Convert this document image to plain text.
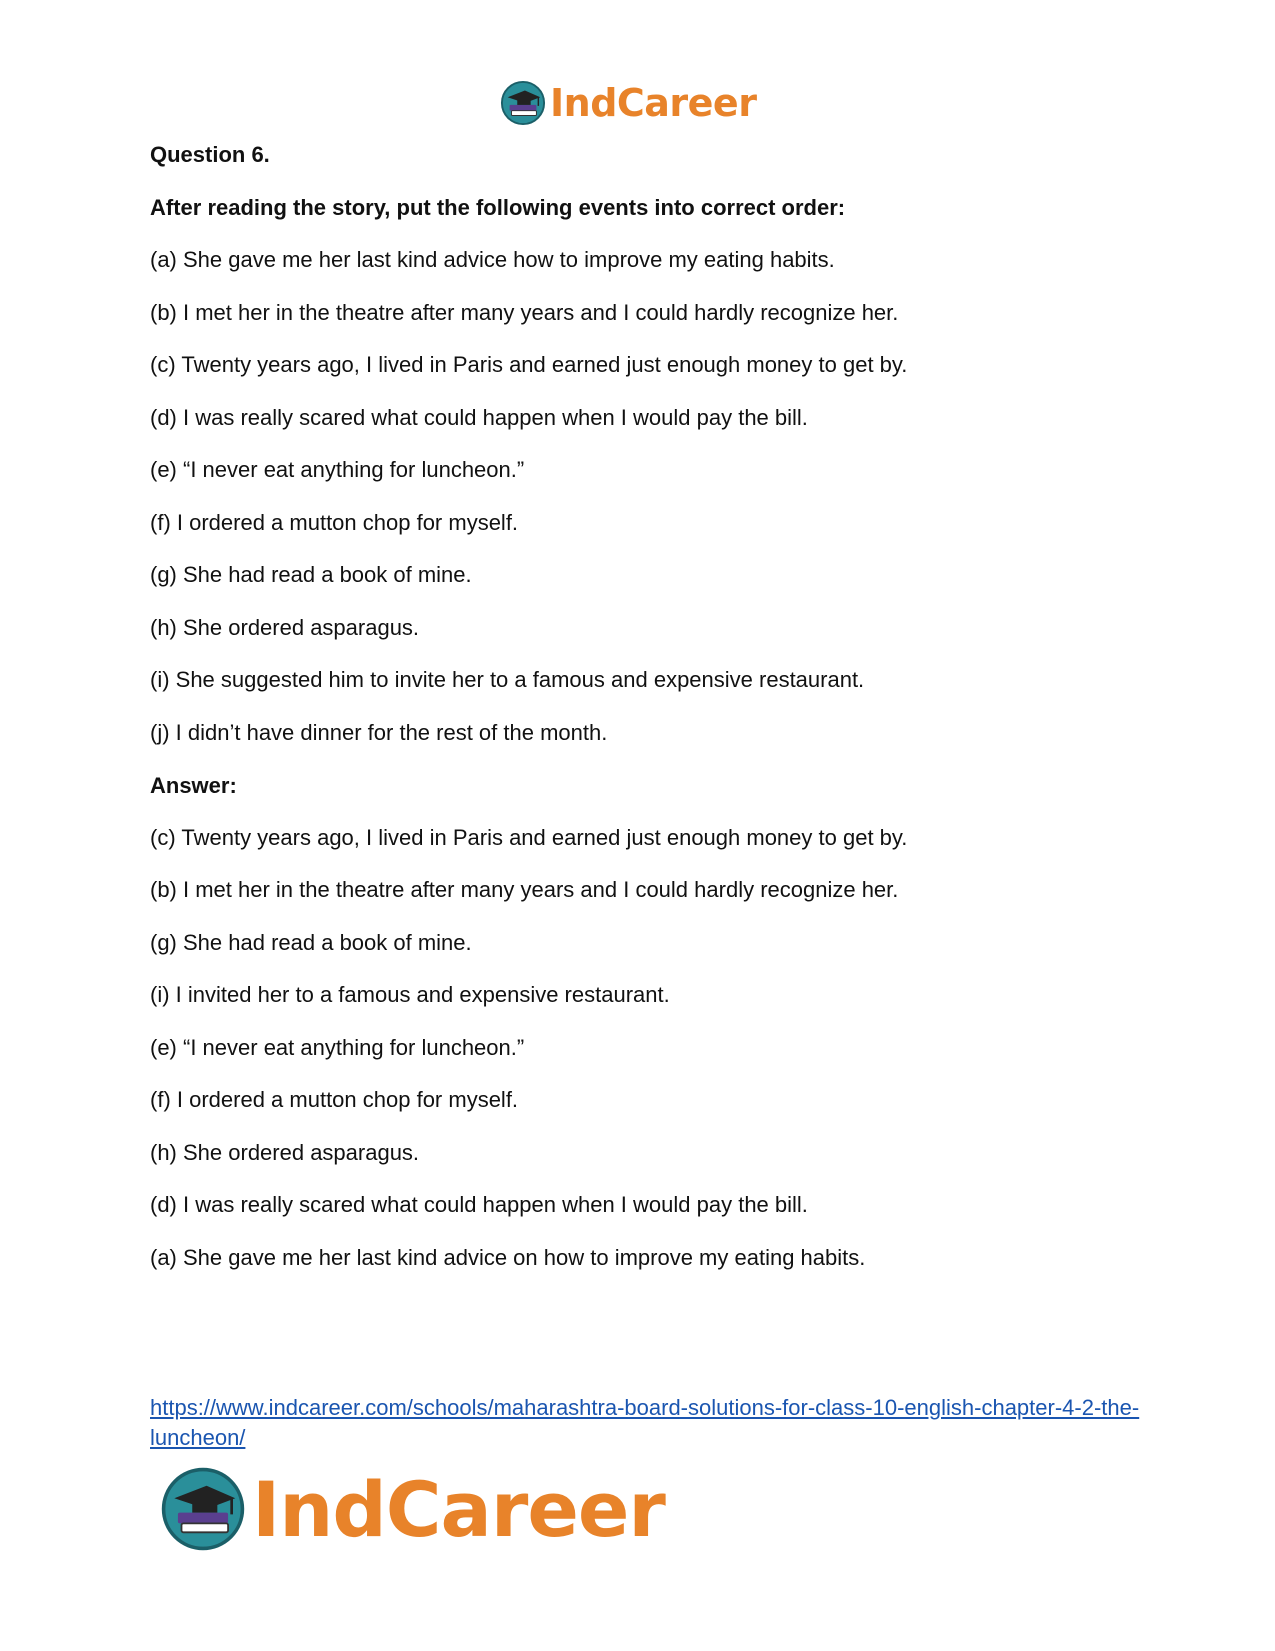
IndCareer
Question 6.
After reading the story, put the following events into correct order:
(a) She gave me her last kind advice how to improve my eating habits.
(b) I met her in the theatre after many years and I could hardly recognize her.
(c) Twenty years ago, I lived in Paris and earned just enough money to get by.
(d) I was really scared what could happen when I would pay the bill.
(e) “I never eat anything for luncheon.”
(f) I ordered a mutton chop for myself.
(g) She had read a book of mine.
(h) She ordered asparagus.
(i) She suggested him to invite her to a famous and expensive restaurant.
(j) I didn’t have dinner for the rest of the month.
Answer:
(c) Twenty years ago, I lived in Paris and earned just enough money to get by.
(b) I met her in the theatre after many years and I could hardly recognize her.
(g) She had read a book of mine.
(i) I invited her to a famous and expensive restaurant.
(e) “I never eat anything for luncheon.”
(f) I ordered a mutton chop for myself.
(h) She ordered asparagus.
(d) I was really scared what could happen when I would pay the bill.
(a) She gave me her last kind advice on how to improve my eating habits.
https://www.indcareer.com/schools/maharashtra-board-solutions-for-class-10-english-chapter-4-2-the-luncheon/
IndCareer
